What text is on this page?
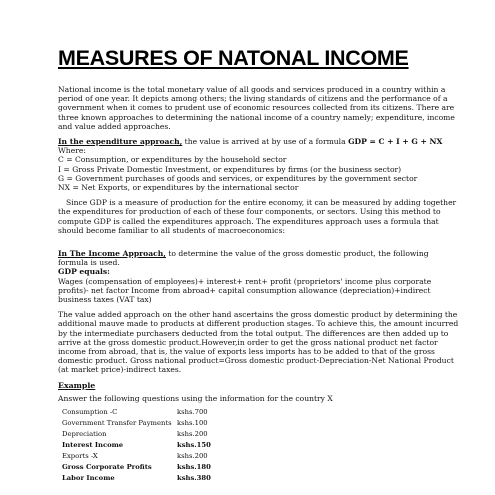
MEASURES OF NATONAL INCOME

National income is the total monetary value of all goods and services produced in a country within a period of one year. It depicts among others; the living standards of citizens and the performance of a government when it comes to prudent use of economic resources collected from its citizens. There are three known approaches to determining the national income of a country namely; expenditure, income and value added approaches.

In the expenditure approach, the value is arrived at by use of a formula GDP = C + I + G + NX

Where:

C = Consumption, or expenditures by the household sector

I = Gross Private Domestic Investment, or expenditures by firms (or the business sector)

G = Government purchases of goods and services, or expenditures by the government sector

NX = Net Exports, or expenditures by the international sector

Since GDP is a measure of production for the entire economy, it can be measured by adding together the expenditures for production of each of these four components, or sectors. Using this method to compute GDP is called the expenditures approach. The expenditures approach uses a formula that should become familiar to all students of macroeconomics:

In The Income Approach, to determine the value of the gross domestic product, the following formula is used.

GDP equals:

Wages (compensation of employees)+ interest+ rent+ profit (proprietors' income plus corporate profits)- net factor Income from abroad+ capital consumption allowance (depreciation)+indirect business taxes (VAT tax)

The value added approach on the other hand ascertains the gross domestic product by determining the additional mauve made to products at different production stages. To achieve this, the amount incurred by the intermediate purchasers deducted from the total output. The differences are then added up to arrive at the gross domestic product.However,in order to get the gross national product net factor income from abroad, that is, the value of exports less imports has to be added to that of the gross domestic product. Gross national product=Gross domestic product-Depreciation-Net National Product (at market price)-indirect taxes.

Example

Answer the following questions using the information for the country X

Consumption -C	kshs.700
Government Transfer Payments	kshs.100
Depreciation	kshs.200
Interest Income	kshs.150
Exports -X	kshs.200
Gross Corporate Profits	kshs.180
Labor Income	kshs.380
